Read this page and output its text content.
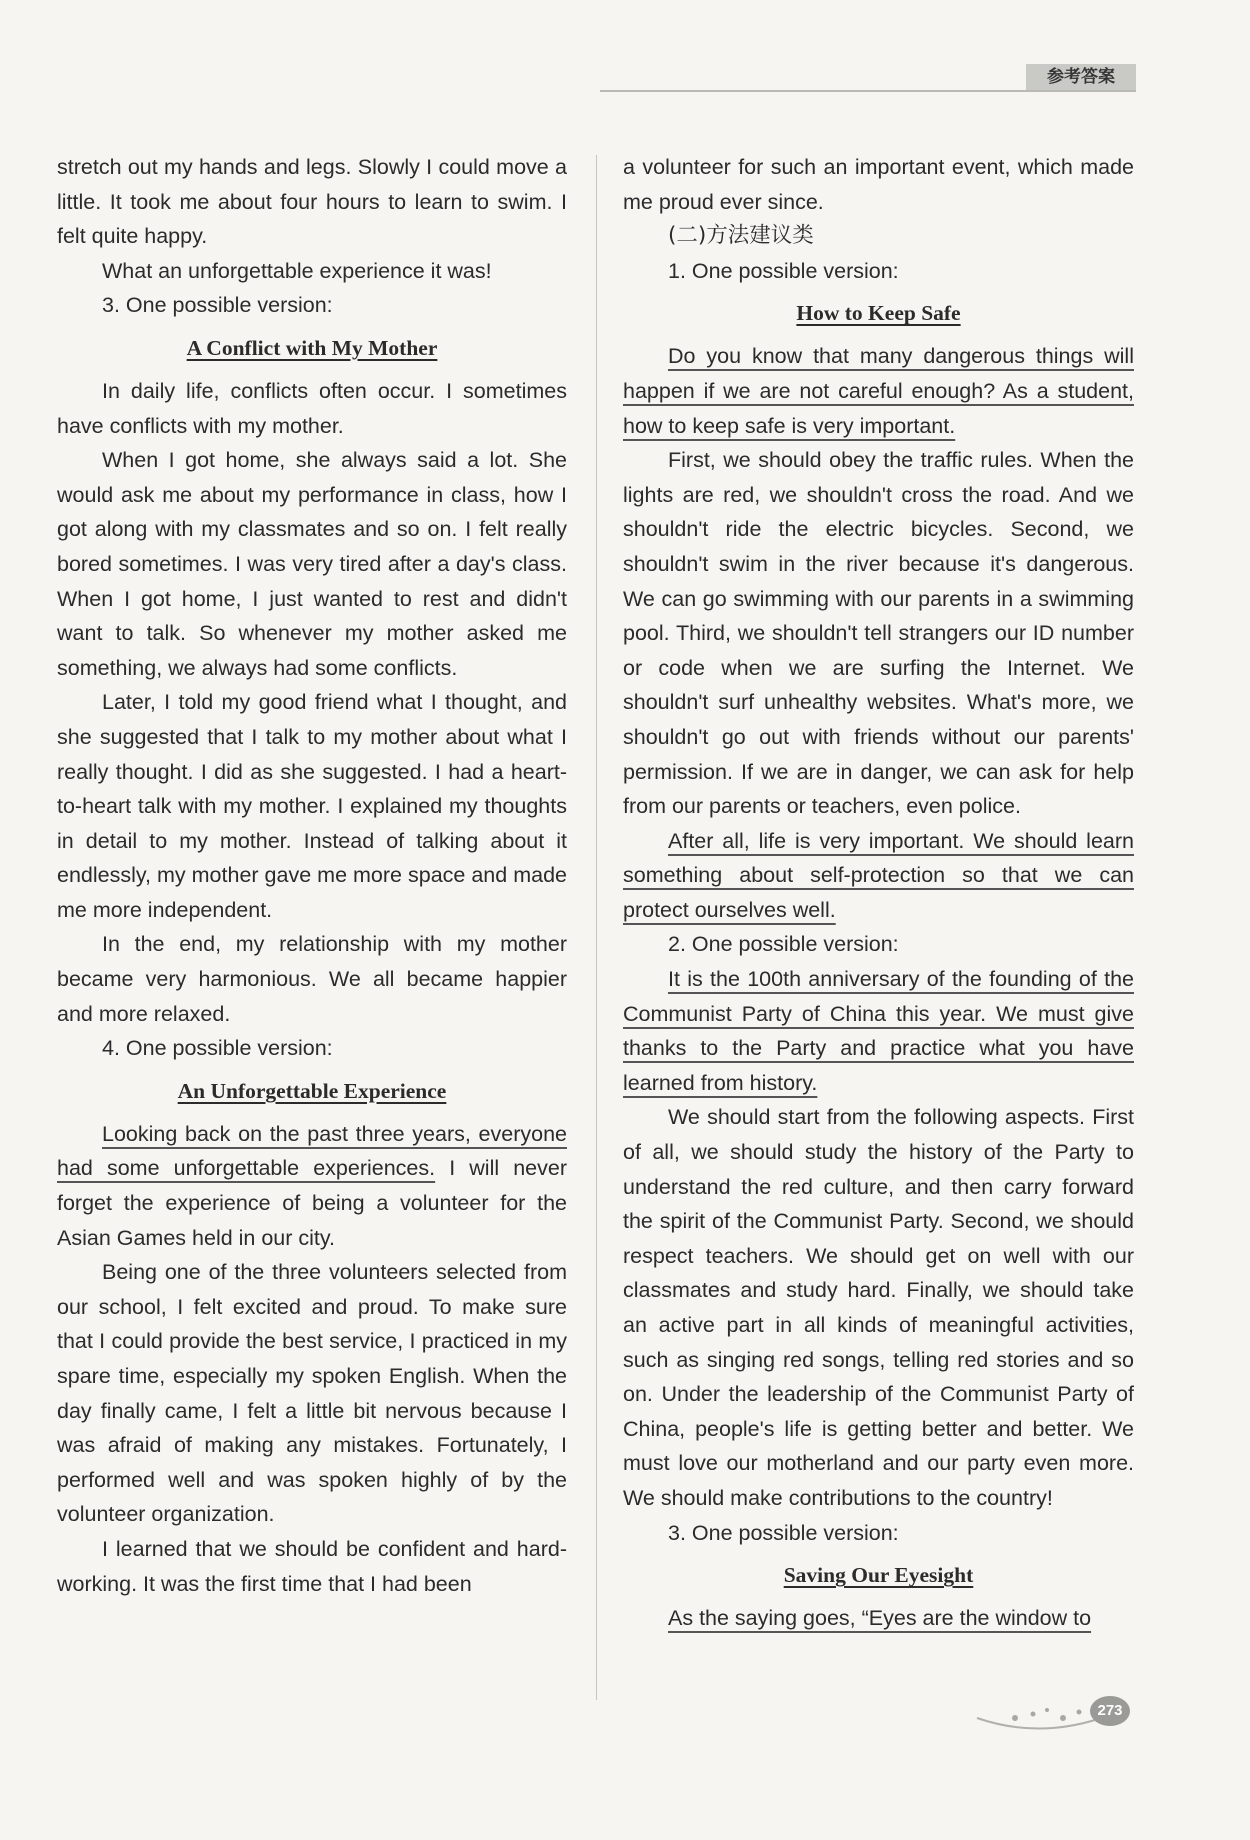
参考答案

stretch out my hands and legs. Slowly I could move a little. It took me about four hours to learn to swim. I felt quite happy.

What an unforgettable experience it was!

3. One possible version:

A Conflict with My Mother

In daily life, conflicts often occur. I sometimes have conflicts with my mother.

When I got home, she always said a lot. She would ask me about my performance in class, how I got along with my classmates and so on. I felt really bored sometimes. I was very tired after a day's class. When I got home, I just wanted to rest and didn't want to talk. So whenever my mother asked me something, we always had some conflicts.

Later, I told my good friend what I thought, and she suggested that I talk to my mother about what I really thought. I did as she suggested. I had a heart-to-heart talk with my mother. I explained my thoughts in detail to my mother. Instead of talking about it endlessly, my mother gave me more space and made me more independent.

In the end, my relationship with my mother became very harmonious. We all became happier and more relaxed.

4. One possible version:

An Unforgettable Experience

Looking back on the past three years, everyone had some unforgettable experiences. I will never forget the experience of being a volunteer for the Asian Games held in our city.

Being one of the three volunteers selected from our school, I felt excited and proud. To make sure that I could provide the best service, I practiced in my spare time, especially my spoken English. When the day finally came, I felt a little bit nervous because I was afraid of making any mistakes. Fortunately, I performed well and was spoken highly of by the volunteer organization.

I learned that we should be confident and hard-working. It was the first time that I had been

a volunteer for such an important event, which made me proud ever since.

(二)方法建议类

1. One possible version:

How to Keep Safe

Do you know that many dangerous things will happen if we are not careful enough? As a student, how to keep safe is very important.

First, we should obey the traffic rules. When the lights are red, we shouldn't cross the road. And we shouldn't ride the electric bicycles. Second, we shouldn't swim in the river because it's dangerous. We can go swimming with our parents in a swimming pool. Third, we shouldn't tell strangers our ID number or code when we are surfing the Internet. We shouldn't surf unhealthy websites. What's more, we shouldn't go out with friends without our parents' permission. If we are in danger, we can ask for help from our parents or teachers, even police.

After all, life is very important. We should learn something about self-protection so that we can protect ourselves well.

2. One possible version:

It is the 100th anniversary of the founding of the Communist Party of China this year. We must give thanks to the Party and practice what you have learned from history.

We should start from the following aspects. First of all, we should study the history of the Party to understand the red culture, and then carry forward the spirit of the Communist Party. Second, we should respect teachers. We should get on well with our classmates and study hard. Finally, we should take an active part in all kinds of meaningful activities, such as singing red songs, telling red stories and so on. Under the leadership of the Communist Party of China, people's life is getting better and better. We must love our motherland and our party even more. We should make contributions to the country!

3. One possible version:

Saving Our Eyesight

As the saying goes, “Eyes are the window to

273
